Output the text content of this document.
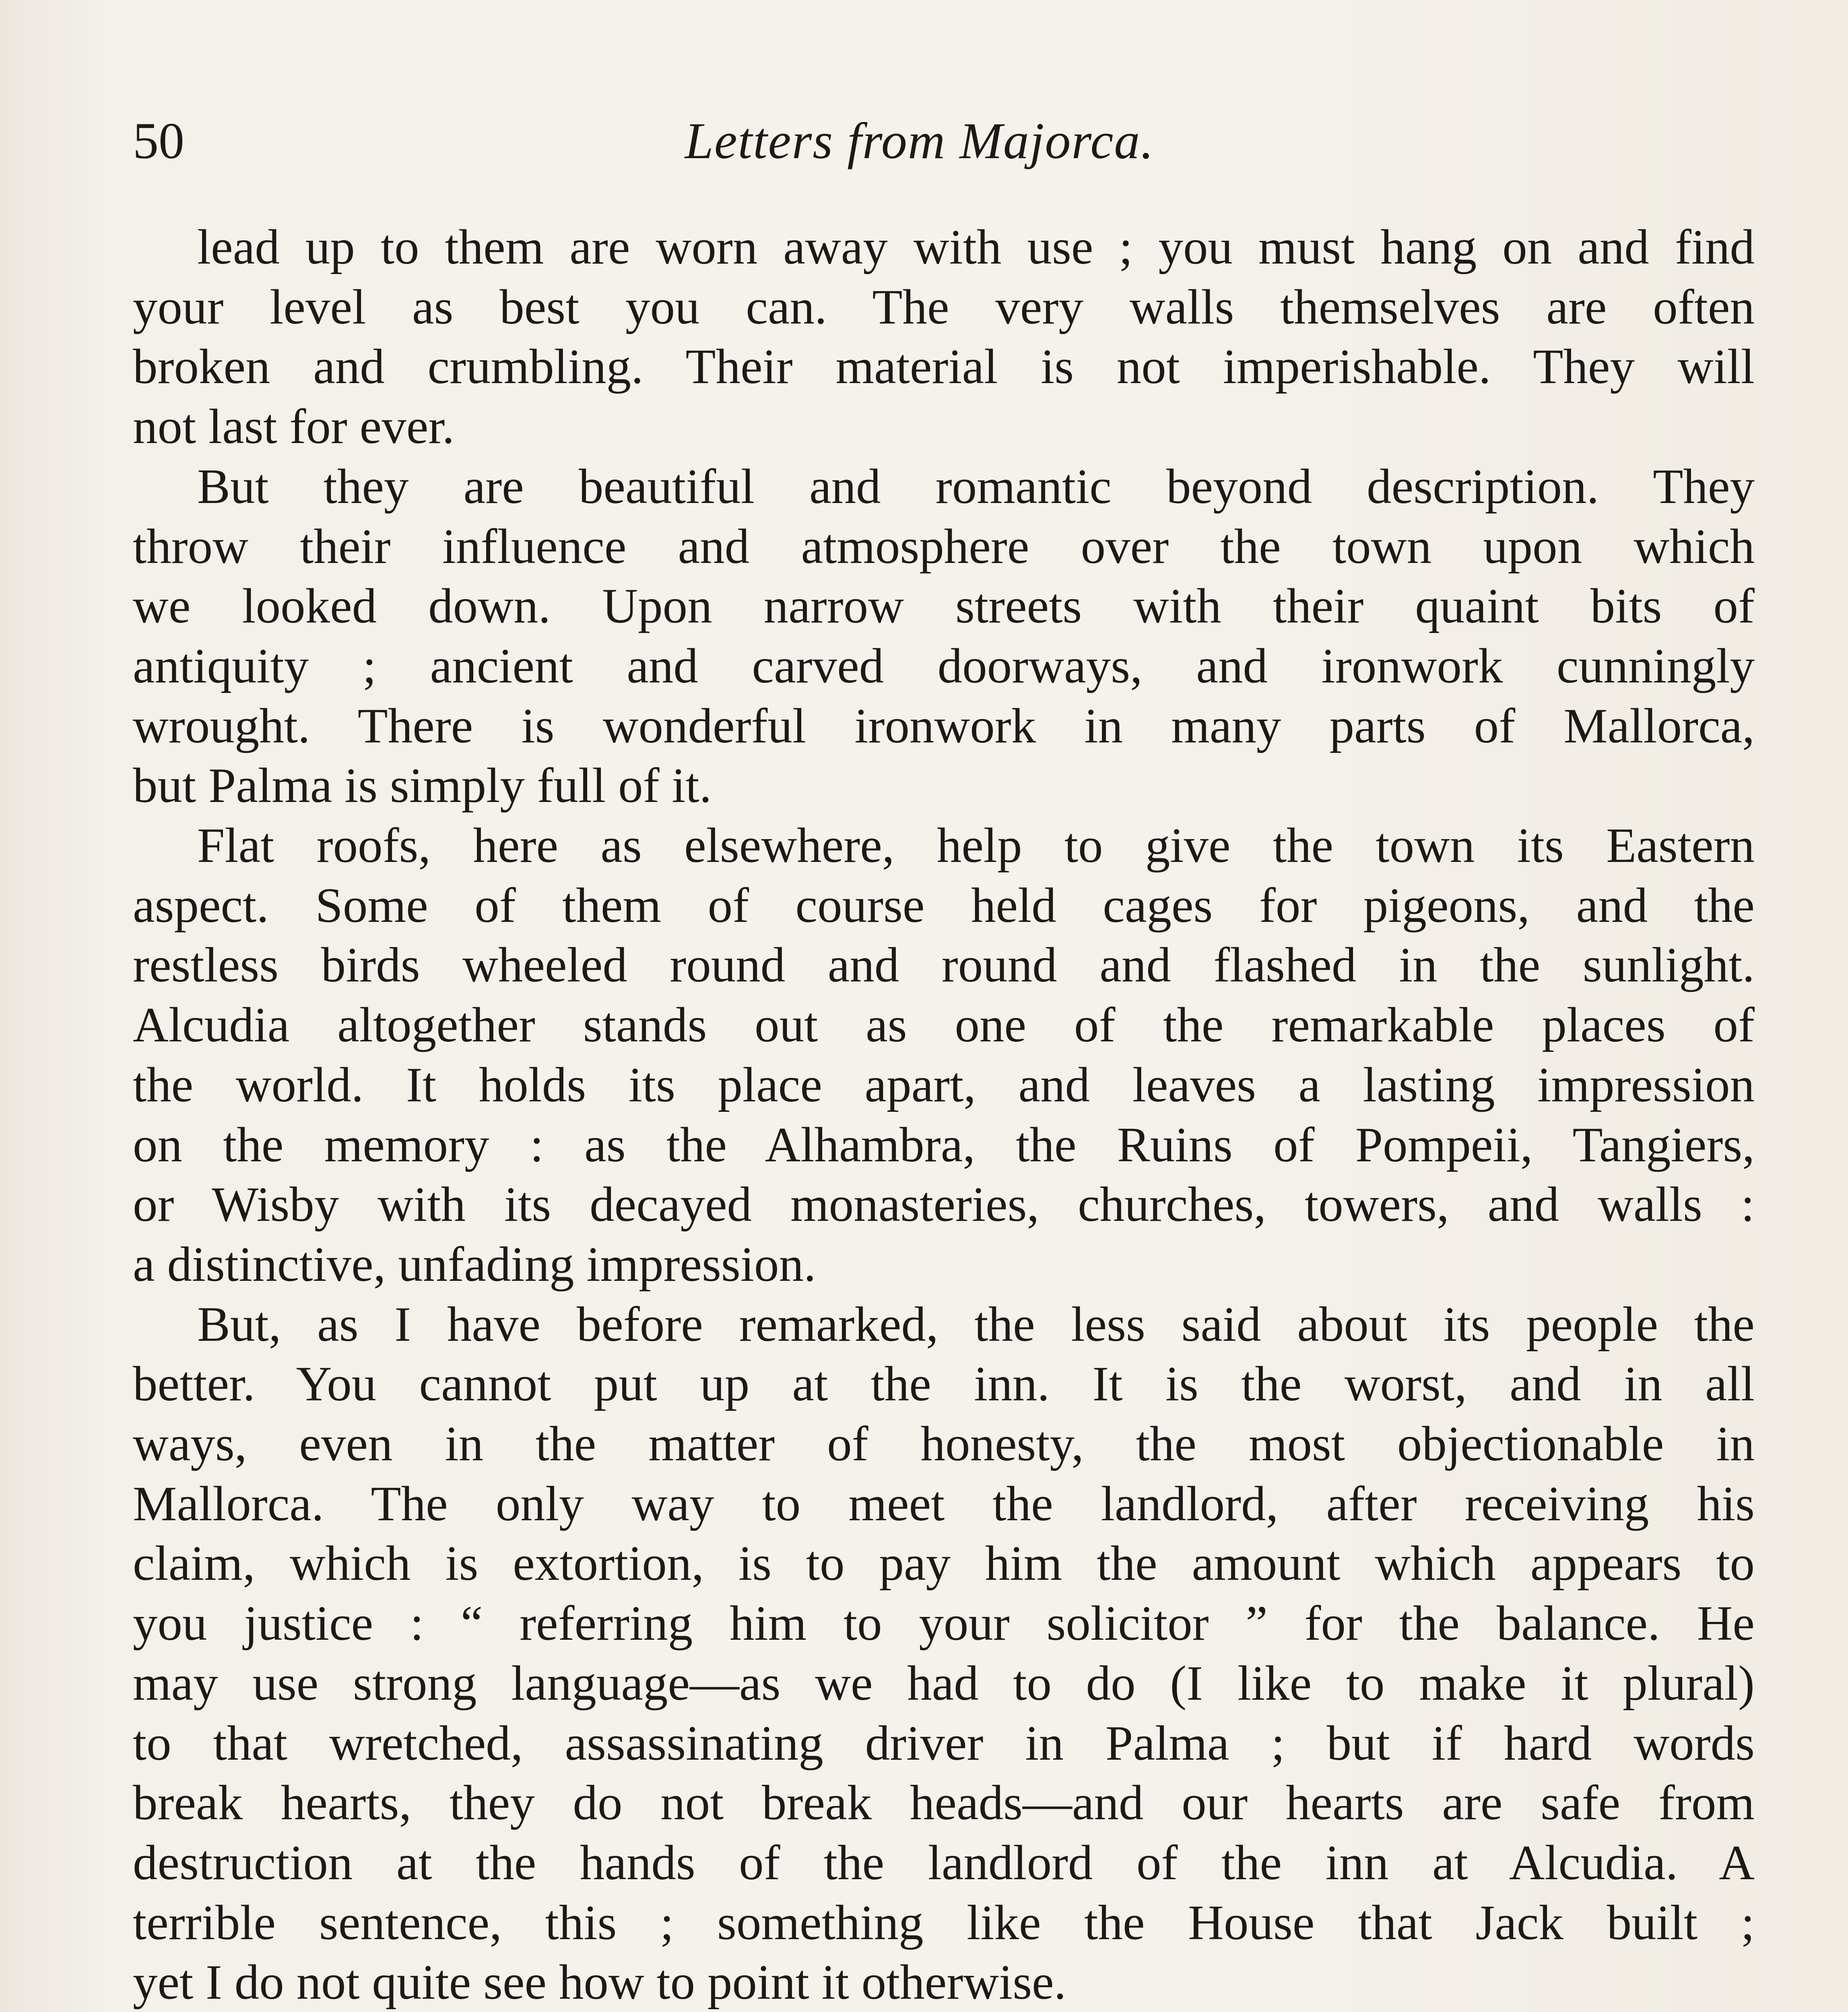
50	Letters from Majorca.
lead up to them are worn away with use ; you must hang on and find
your level as best you can. The very walls themselves are often
broken and crumbling. Their material is not imperishable. They will
not last for ever.
But they are beautiful and romantic beyond description. They
throw their influence and atmosphere over the town upon which
we looked down. Upon narrow streets with their quaint bits of
antiquity ; ancient and carved doorways, and ironwork cunningly
wrought. There is wonderful ironwork in many parts of Mallorca,
but Palma is simply full of it.
Flat roofs, here as elsewhere, help to give the town its Eastern
aspect. Some of them of course held cages for pigeons, and the
restless birds wheeled round and round and flashed in the sunlight.
Alcudia altogether stands out as one of the remarkable places of
the world. It holds its place apart, and leaves a lasting impression
on the memory : as the Alhambra, the Ruins of Pompeii, Tangiers,
or Wisby with its decayed monasteries, churches, towers, and walls :
a distinctive, unfading impression.
But, as I have before remarked, the less said about its people the
better. You cannot put up at the inn. It is the worst, and in all
ways, even in the matter of honesty, the most objectionable in
Mallorca. The only way to meet the landlord, after receiving his
claim, which is extortion, is to pay him the amount which appears to
you justice : “ referring him to your solicitor ” for the balance. He
may use strong language—as we had to do (I like to make it plural)
to that wretched, assassinating driver in Palma ; but if hard words
break hearts, they do not break heads—and our hearts are safe from
destruction at the hands of the landlord of the inn at Alcudia. A
terrible sentence, this ; something like the House that Jack built ;
yet I do not quite see how to point it otherwise.
